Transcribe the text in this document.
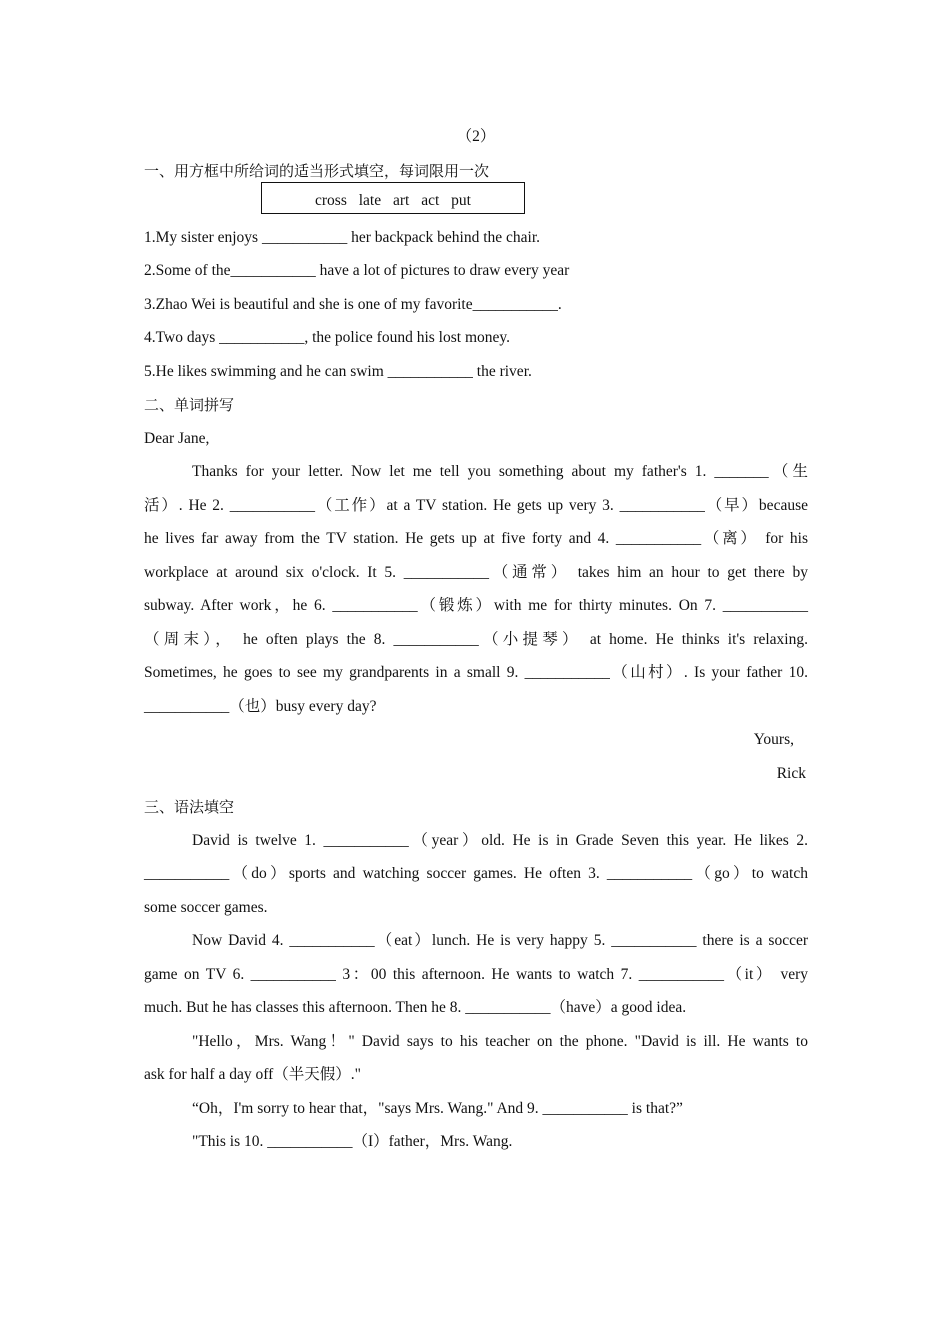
（2）
一、用方框中所给词的适当形式填空，每词限用一次
cross late art act put
1.My sister enjoys ___________ her backpack behind the chair.
2.Some of the___________ have a lot of pictures to draw every year
3.Zhao Wei is beautiful and she is one of my favorite___________.
4.Two days ___________, the police found his lost money.
5.He likes swimming and he can swim ___________ the river.
二、单词拼写
Dear Jane,
Thanks for your letter. Now let me tell you something about my father's 1. _______（生
活）. He 2. ___________（工作）at a TV station. He gets up very 3. ___________（早）because
he lives far away from the TV station. He gets up at five forty and 4. ___________（离） for his
workplace at around six o'clock. It 5. ___________（通常） takes him an hour to get there by
subway. After work，he 6. ___________（锻炼）with me for thirty minutes. On 7. ___________
（周末）， he often plays the 8. ___________（小提琴） at home. He thinks it's relaxing.
Sometimes, he goes to see my grandparents in a small 9. ___________（山村）. Is your father 10.
___________（也）busy every day?
Yours,
Rick
三、语法填空
David is twelve 1. ___________（year）old. He is in Grade Seven this year. He likes 2.
___________（do）sports and watching soccer games. He often 3. ___________（go）to watch
some soccer games.
Now David 4. ___________（eat）lunch. He is very happy 5. ___________ there is a soccer
game on TV 6. ___________ 3：00 this afternoon. He wants to watch 7. ___________（it） very
much. But he has classes this afternoon. Then he 8. ___________（have）a good idea.
"Hello，Mrs. Wang！" David says to his teacher on the phone. "David is ill. He wants to
ask for half a day off（半天假）."
“Oh，I'm sorry to hear that，"says Mrs. Wang." And 9. ___________ is that?”
"This is 10. ___________（I）father，Mrs. Wang.
